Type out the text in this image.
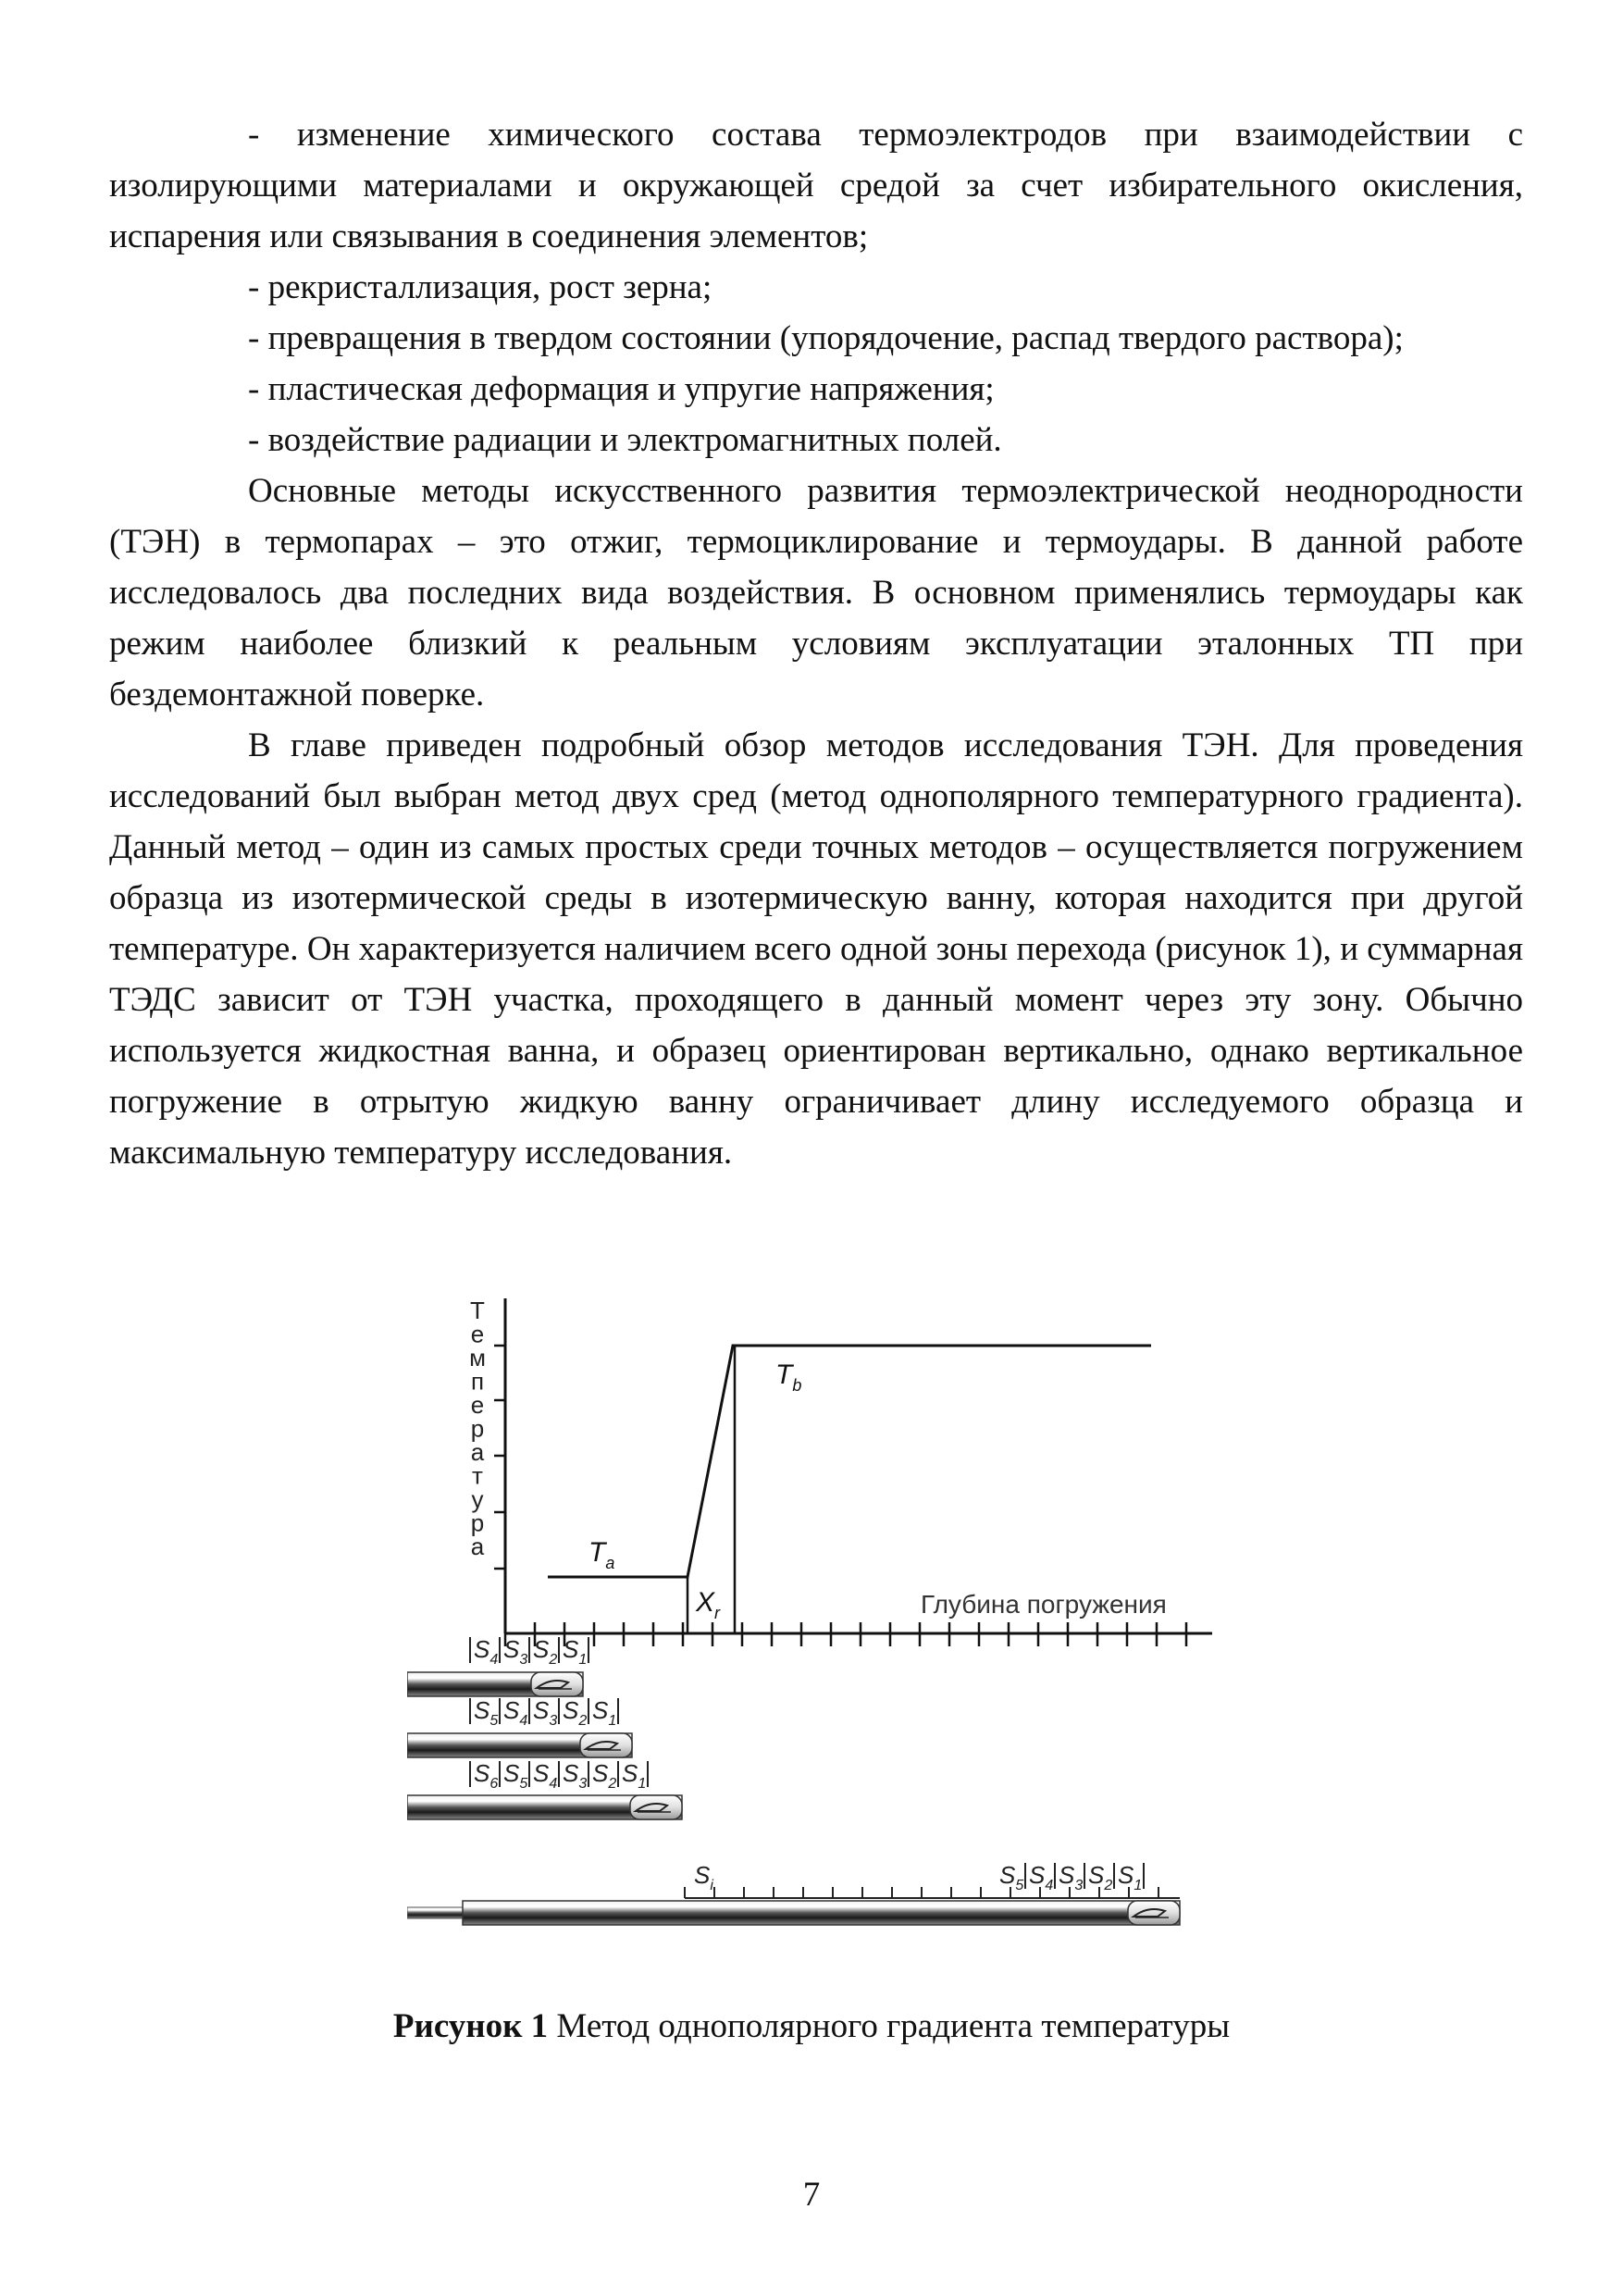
- изменение химического состава термоэлектродов при взаимодействии с изолирующими материалами и окружающей средой за счет избирательного окисления, испарения или связывания в соединения элементов;

- рекристаллизация, рост зерна;

- превращения в твердом состоянии (упорядочение, распад твердого раствора);

- пластическая деформация и упругие напряжения;

- воздействие радиации и электромагнитных полей.

Основные методы искусственного развития термоэлектрической неоднородности (ТЭН) в термопарах – это отжиг, термоциклирование и термоудары. В данной работе исследовалось два последних вида воздействия. В основном применялись термоудары как режим наиболее близкий к реальным условиям эксплуатации эталонных ТП при бездемонтажной поверке.

В главе приведен подробный обзор методов исследования ТЭН. Для проведения исследований был выбран метод двух сред (метод однополярного температурного градиента). Данный метод – один из самых простых среди точных методов – осуществляется погружением образца из изотермической среды в изотермическую ванну, которая находится при другой температуре. Он характеризуется наличием всего одной зоны перехода (рисунок 1), и суммарная ТЭДС зависит от ТЭН участка, проходящего в данный момент через эту зону. Обычно используется жидкостная ванна, и образец ориентирован вертикально, однако вертикальное погружение в отрытую жидкую ванну ограничивает длину исследуемого образца и максимальную температуру исследования.

Т
е
м
п
е
р
а
т
у
р
а	$T_a$
$T_b$
$X_r$	Глубина погружения
$S_4$ $S_3$ $S_2$ $S_1$
$S_5$ $S_4$ $S_3$ $S_2$ $S_1$
$S_6$ $S_5$ $S_4$ $S_3$ $S_2$ $S_1$
$S_i$	$S_5$ $S_4$ $S_3$ $S_2$ $S_1$
Рисунок 1 Метод однополярного градиента температуры
7
